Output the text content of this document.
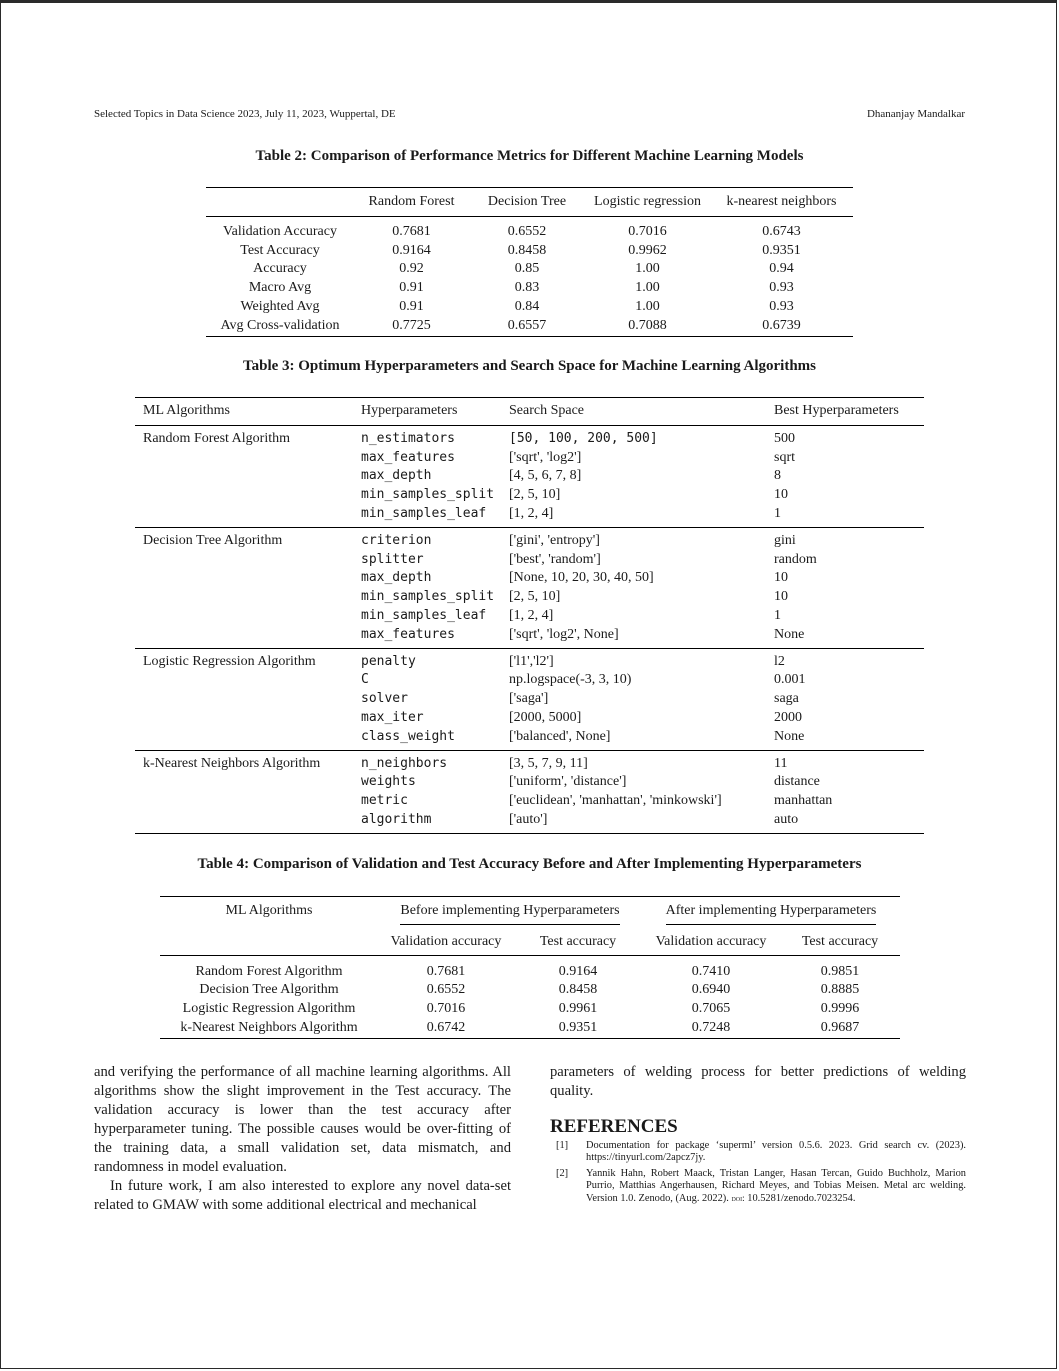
Selected Topics in Data Science 2023, July 11, 2023, Wuppertal, DE	Dhananjay Mandalkar
Table 2: Comparison of Performance Metrics for Different Machine Learning Models
	Random Forest	Decision Tree	Logistic regression	k-nearest neighbors
Validation Accuracy	0.7681	0.6552	0.7016	0.6743
Test Accuracy	0.9164	0.8458	0.9962	0.9351
Accuracy	0.92	0.85	1.00	0.94
Macro Avg	0.91	0.83	1.00	0.93
Weighted Avg	0.91	0.84	1.00	0.93
Avg Cross-validation	0.7725	0.6557	0.7088	0.6739
Table 3: Optimum Hyperparameters and Search Space for Machine Learning Algorithms
ML Algorithms	Hyperparameters	Search Space	Best Hyperparameters
Random Forest Algorithm	n_estimators	[50, 100, 200, 500]	500
	max_features	['sqrt', 'log2']	sqrt
	max_depth	[4, 5, 6, 7, 8]	8
	min_samples_split	[2, 5, 10]	10
	min_samples_leaf	[1, 2, 4]	1
Decision Tree Algorithm	criterion	['gini', 'entropy']	gini
	splitter	['best', 'random']	random
	max_depth	[None, 10, 20, 30, 40, 50]	10
	min_samples_split	[2, 5, 10]	10
	min_samples_leaf	[1, 2, 4]	1
	max_features	['sqrt', 'log2', None]	None
Logistic Regression Algorithm	penalty	['l1','l2']	l2
	C	np.logspace(-3, 3, 10)	0.001
	solver	['saga']	saga
	max_iter	[2000, 5000]	2000
	class_weight	['balanced', None]	None
k-Nearest Neighbors Algorithm	n_neighbors	[3, 5, 7, 9, 11]	11
	weights	['uniform', 'distance']	distance
	metric	['euclidean', 'manhattan', 'minkowski']	manhattan
	algorithm	['auto']	auto
Table 4: Comparison of Validation and Test Accuracy Before and After Implementing Hyperparameters
ML Algorithms	Before implementing Hyperparameters		After implementing Hyperparameters	
	Validation accuracy	Test accuracy	Validation accuracy	Test accuracy
Random Forest Algorithm	0.7681	0.9164	0.7410	0.9851
Decision Tree Algorithm	0.6552	0.8458	0.6940	0.8885
Logistic Regression Algorithm	0.7016	0.9961	0.7065	0.9996
k-Nearest Neighbors Algorithm	0.6742	0.9351	0.7248	0.9687

and verifying the performance of all machine learning algorithms. All algorithms show the slight improvement in the Test accuracy. The validation accuracy is lower than the test accuracy after hyperparameter tuning. The possible causes would be over-fitting of the training data, a small validation set, data mismatch, and randomness in model evaluation.

In future work, I am also interested to explore any novel data-set related to GMAW with some additional electrical and mechanical

parameters of welding process for better predictions of welding quality.

REFERENCES
[1]	Documentation for package ‘superml’ version 0.5.6. 2023. Grid search cv. (2023). https://tinyurl.com/2apcz7jy.
[2]	Yannik Hahn, Robert Maack, Tristan Langer, Hasan Tercan, Guido Buchholz, Marion Purrio, Matthias Angerhausen, Richard Meyes, and Tobias Meisen. Metal arc welding. Version 1.0. Zenodo, (Aug. 2022). doi: 10.5281/zenodo.7023254.
